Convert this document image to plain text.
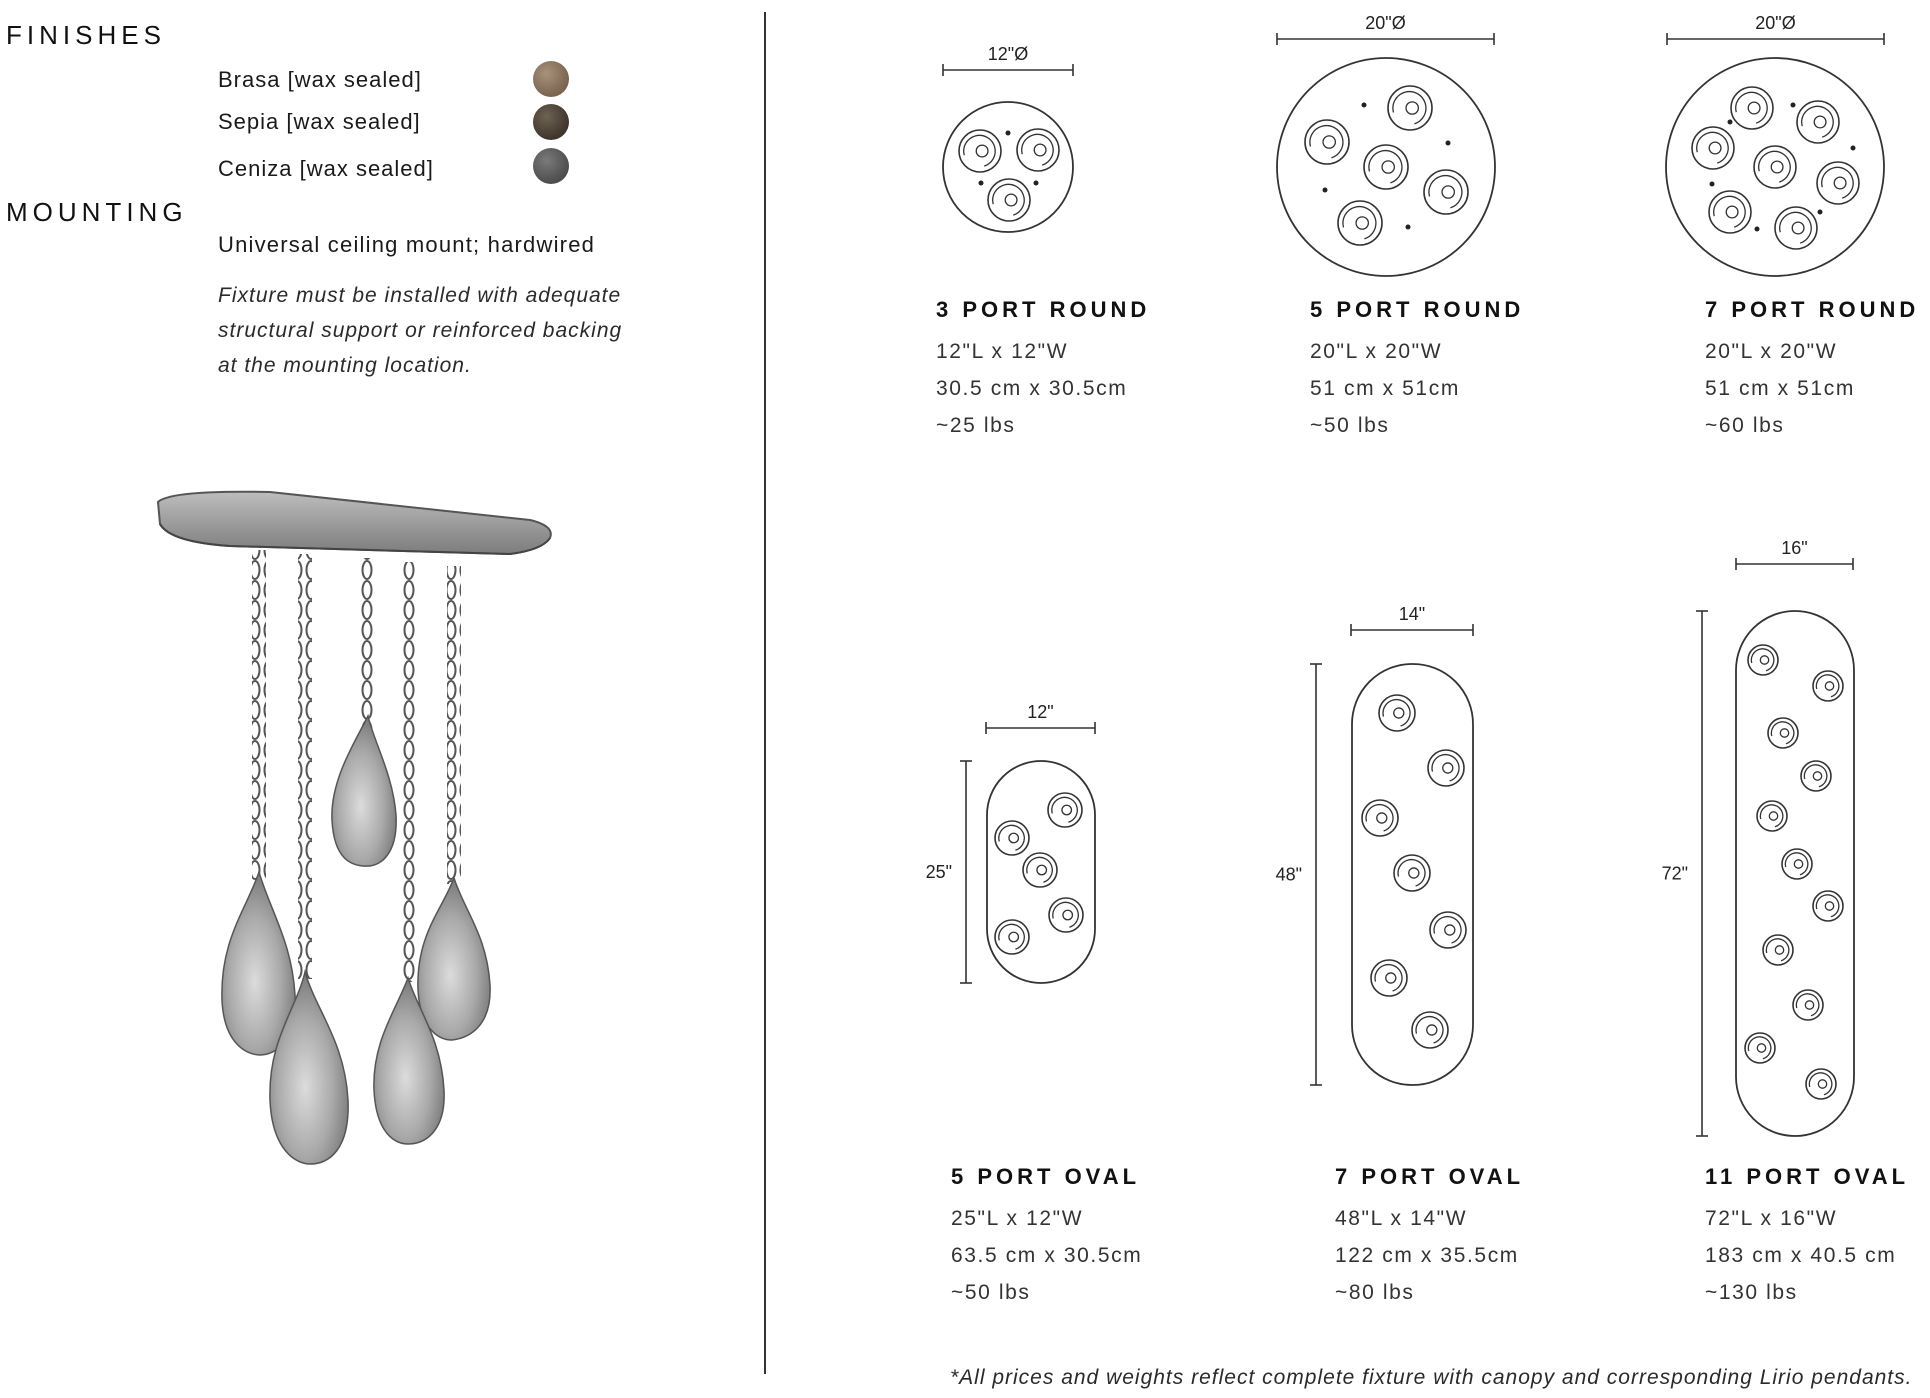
FINISHES
Brasa [wax sealed]
Sepia [wax sealed]
Ceniza [wax sealed]
MOUNTING
Universal ceiling mount; hardwired
Fixture must be installed with adequate
structural support or reinforced backing
at the mounting location.
12"Ø
20"Ø	20"Ø
12"
25"
14"
48"
16"
72"
3 PORT ROUND
12"L x 12"W
30.5 cm x 30.5cm
~25 lbs
5 PORT ROUND
20"L x 20"W
51 cm x 51cm
~50 lbs
7 PORT ROUND
20"L x 20"W
51 cm x 51cm
~60 lbs
5 PORT OVAL
25"L x 12"W
63.5 cm x 30.5cm
~50 lbs
7 PORT OVAL
48"L x 14"W
122 cm x 35.5cm
~80 lbs
11 PORT OVAL
72"L x 16"W
183 cm x 40.5 cm
~130 lbs
*All prices and weights reflect complete fixture with canopy and corresponding Lirio pendants.
